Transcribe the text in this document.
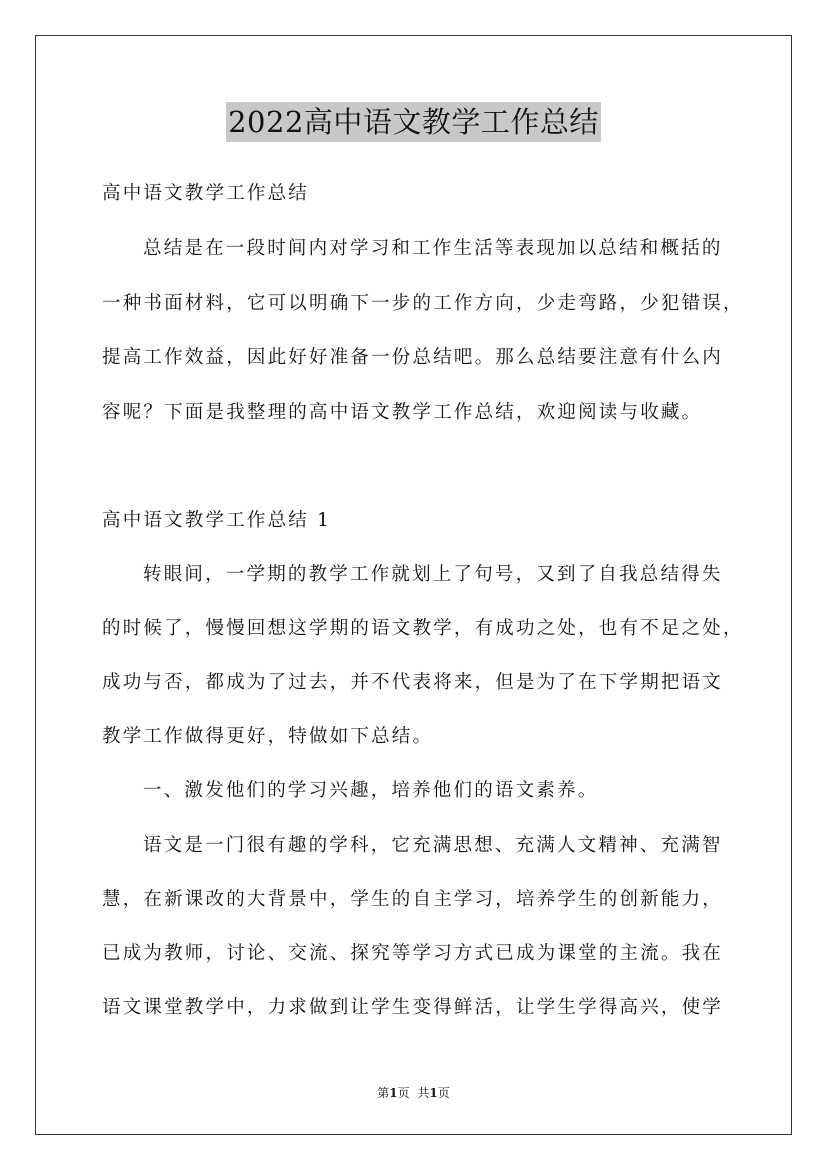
2022高中语文教学工作总结
高中语文教学工作总结
总结是在一段时间内对学习和工作生活等表现加以总结和概括的
一种书面材料，它可以明确下一步的工作方向，少走弯路，少犯错误，
提高工作效益，因此好好准备一份总结吧。那么总结要注意有什么内
容呢？下面是我整理的高中语文教学工作总结，欢迎阅读与收藏。
高中语文教学工作总结 1
转眼间，一学期的教学工作就划上了句号，又到了自我总结得失
的时候了，慢慢回想这学期的语文教学，有成功之处，也有不足之处，
成功与否，都成为了过去，并不代表将来，但是为了在下学期把语文
教学工作做得更好，特做如下总结。
一、激发他们的学习兴趣，培养他们的语文素养。
语文是一门很有趣的学科，它充满思想、充满人文精神、充满智
慧，在新课改的大背景中，学生的自主学习，培养学生的创新能力，
已成为教师，讨论、交流、探究等学习方式已成为课堂的主流。我在
语文课堂教学中，力求做到让学生变得鲜活，让学生学得高兴，使学
第1页 共1页
